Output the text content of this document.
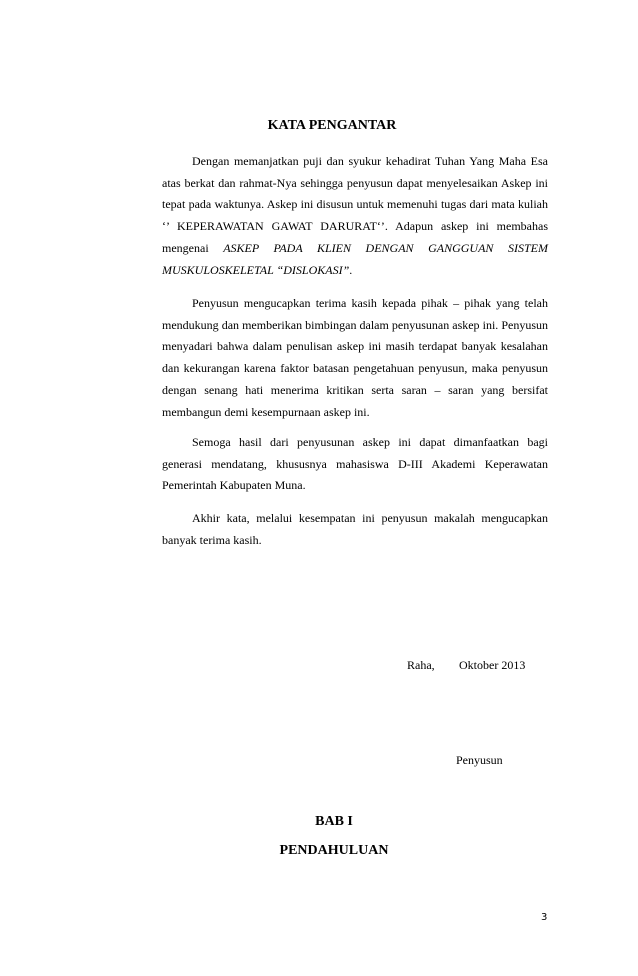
KATA PENGANTAR

Dengan memanjatkan puji dan syukur kehadirat Tuhan Yang Maha Esa atas berkat dan rahmat-Nya sehingga penyusun dapat menyelesaikan Askep ini tepat pada waktunya. Askep ini disusun untuk memenuhi tugas dari mata kuliah ‘’ KEPERAWATAN GAWAT DARURAT‘’. Adapun askep ini membahas mengenai ASKEP PADA KLIEN DENGAN GANGGUAN SISTEM MUSKULOSKELETAL “DISLOKASI”.

Penyusun mengucapkan terima kasih kepada pihak – pihak yang telah mendukung dan memberikan bimbingan dalam penyusunan askep ini. Penyusun menyadari bahwa dalam penulisan askep ini masih terdapat banyak kesalahan dan kekurangan karena faktor batasan pengetahuan penyusun, maka penyusun dengan senang hati menerima kritikan serta saran – saran yang bersifat membangun demi kesempurnaan askep ini.

Semoga hasil dari penyusunan askep ini dapat dimanfaatkan bagi generasi mendatang, khususnya mahasiswa D-III Akademi Keperawatan Pemerintah Kabupaten Muna.

Akhir kata, melalui kesempatan ini penyusun makalah mengucapkan banyak terima kasih.

Raha, Oktober 2013
Penyusun
BAB I
PENDAHULUAN
3
